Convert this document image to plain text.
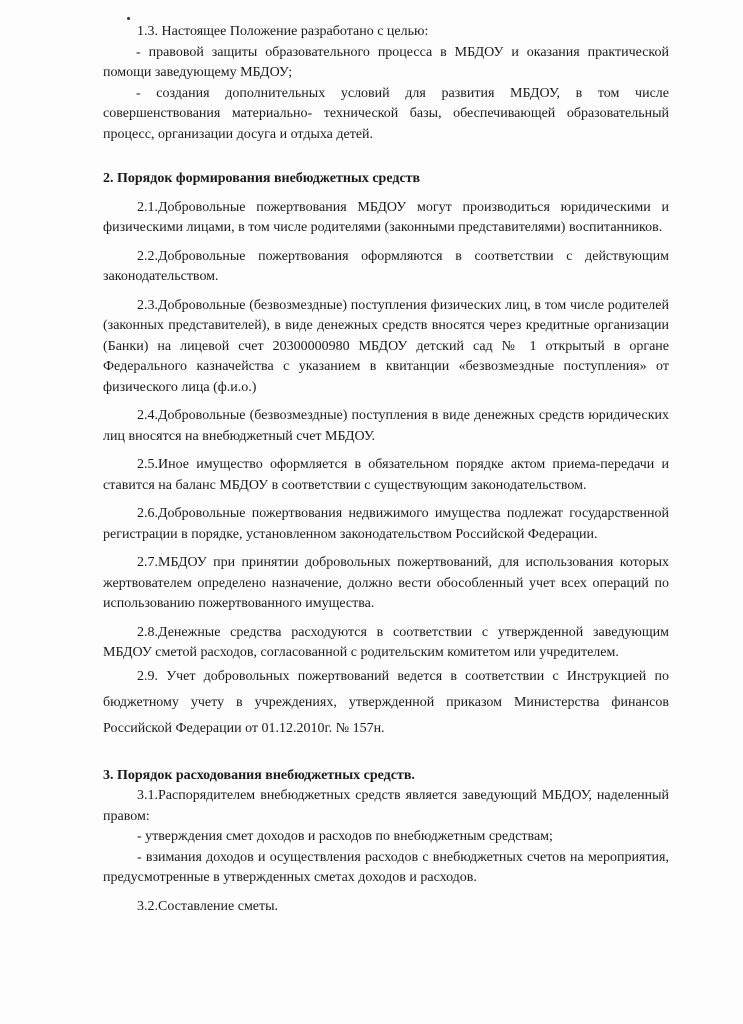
1.3. Настоящее Положение разработано с целью:

- правовой защиты образовательного процесса в МБДОУ и оказания практической помощи заведующему МБДОУ;

- создания дополнительных условий для развития МБДОУ, в том числе совершенствования материально- технической базы, обеспечивающей образовательный процесс, организации досуга и отдыха детей.

2. Порядок формирования внебюджетных средств

2.1.Добровольные пожертвования МБДОУ могут производиться юридическими и физическими лицами, в том числе родителями (законными представителями) воспитанников.

2.2.Добровольные пожертвования оформляются в соответствии с действующим законодательством.

2.3.Добровольные (безвозмездные) поступления физических лиц, в том числе родителей (законных представителей), в виде денежных средств вносятся через кредитные организации (Банки) на лицевой счет 20300000980 МБДОУ детский сад № 1 открытый в органе Федерального казначейства с указанием в квитанции «безвозмездные поступления» от физического лица (ф.и.о.)

2.4.Добровольные (безвозмездные) поступления в виде денежных средств юридических лиц вносятся на внебюджетный счет МБДОУ.

2.5.Иное имущество оформляется в обязательном порядке актом приема-передачи и ставится на баланс МБДОУ в соответствии с существующим законодательством.

2.6.Добровольные пожертвования недвижимого имущества подлежат государственной регистрации в порядке, установленном законодательством Российской Федерации.

2.7.МБДОУ при принятии добровольных пожертвований, для использования которых жертвователем определено назначение, должно вести обособленный учет всех операций по использованию пожертвованного имущества.

2.8.Денежные средства расходуются в соответствии с утвержденной заведующим МБДОУ сметой расходов, согласованной с родительским комитетом или учредителем.

2.9. Учет добровольных пожертвований ведется в соответствии с Инструкцией по бюджетному учету в учреждениях, утвержденной приказом Министерства финансов Российской Федерации от 01.12.2010г. № 157н.

3. Порядок расходования внебюджетных средств.

3.1.Распорядителем внебюджетных средств является заведующий МБДОУ, наделенный правом:

- утверждения смет доходов и расходов по внебюджетным средствам;

- взимания доходов и осуществления расходов с внебюджетных счетов на мероприятия, предусмотренные в утвержденных сметах доходов и расходов.

3.2.Составление сметы.
